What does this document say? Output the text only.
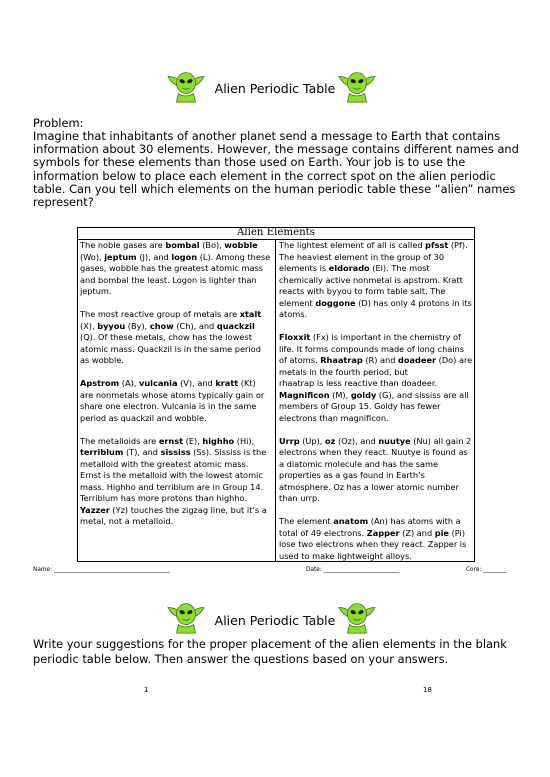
Alien Periodic Table
Problem:
Imagine that inhabitants of another planet send a message to Earth that contains information about 30 elements. However, the message contains different names and symbols for these elements than those used on Earth. Your job is to use the information below to place each element in the correct spot on the alien periodic table. Can you tell which elements on the human periodic table these “alien” names represent?
Alien Elements

The noble gases are bombal (Bo), wobble (Wo), jeptum (J), and logon (L). Among these gases, wobble has the greatest atomic mass and bombal the least. Logon is lighter than jeptum.

The most reactive group of metals are xtalt (X), byyou (By), chow (Ch), and quackzil (Q). Of these metals, chow has the lowest atomic mass. Quackzil is in the same period as wobble.

Apstrom (A), vulcania (V), and kratt (Kt)
are nonmetals whose atoms typically gain or share one electron. Vulcania is in the same period as quackzil and wobble.

The metalloids are ernst (E), highho (Hi), terriblum (T), and sississ (Ss). Sississ is the metalloid with the greatest atomic mass. Ernst is the metalloid with the lowest atomic mass. Highho and terriblum are in Group 14. Terriblum has more protons than highho. Yazzer (Yz) touches the zigzag line, but it’s a metal, not a metalloid.

The lightest element of all is called pfsst (Pf). The heaviest element in the group of 30 elements is eldorado (El). The most chemically active nonmetal is apstrom. Kratt reacts with byyou to form table salt. The element doggone (D) has only 4 protons in its atoms.

Floxxit (Fx) is important in the chemistry of life. It forms compounds made of long chains of atoms. Rhaatrap (R) and doadeer (Do) are metals in the fourth period, but
rhaatrap is less reactive than doadeer. Magnificon (M), goldy (G), and sississ are all members of Group 15. Goldy has fewer electrons than magnificon.

Urrp (Up), oz (Oz), and nuutye (Nu) all gain 2 electrons when they react. Nuutye is found as a diatomic molecule and has the same properties as a gas found in Earth’s atmosphere. Oz has a lower atomic number than urrp.

The element anatom (An) has atoms with a total of 49 electrons. Zapper (Z) and pie (Pi) lose two electrons when they react. Zapper is used to make lightweight alloys.

Name: ________________________________________	Date: __________________________	Core: ________
Alien Periodic Table
Write your suggestions for the proper placement of the alien elements in the blank periodic table below. Then answer the questions based on your answers.
1	18
